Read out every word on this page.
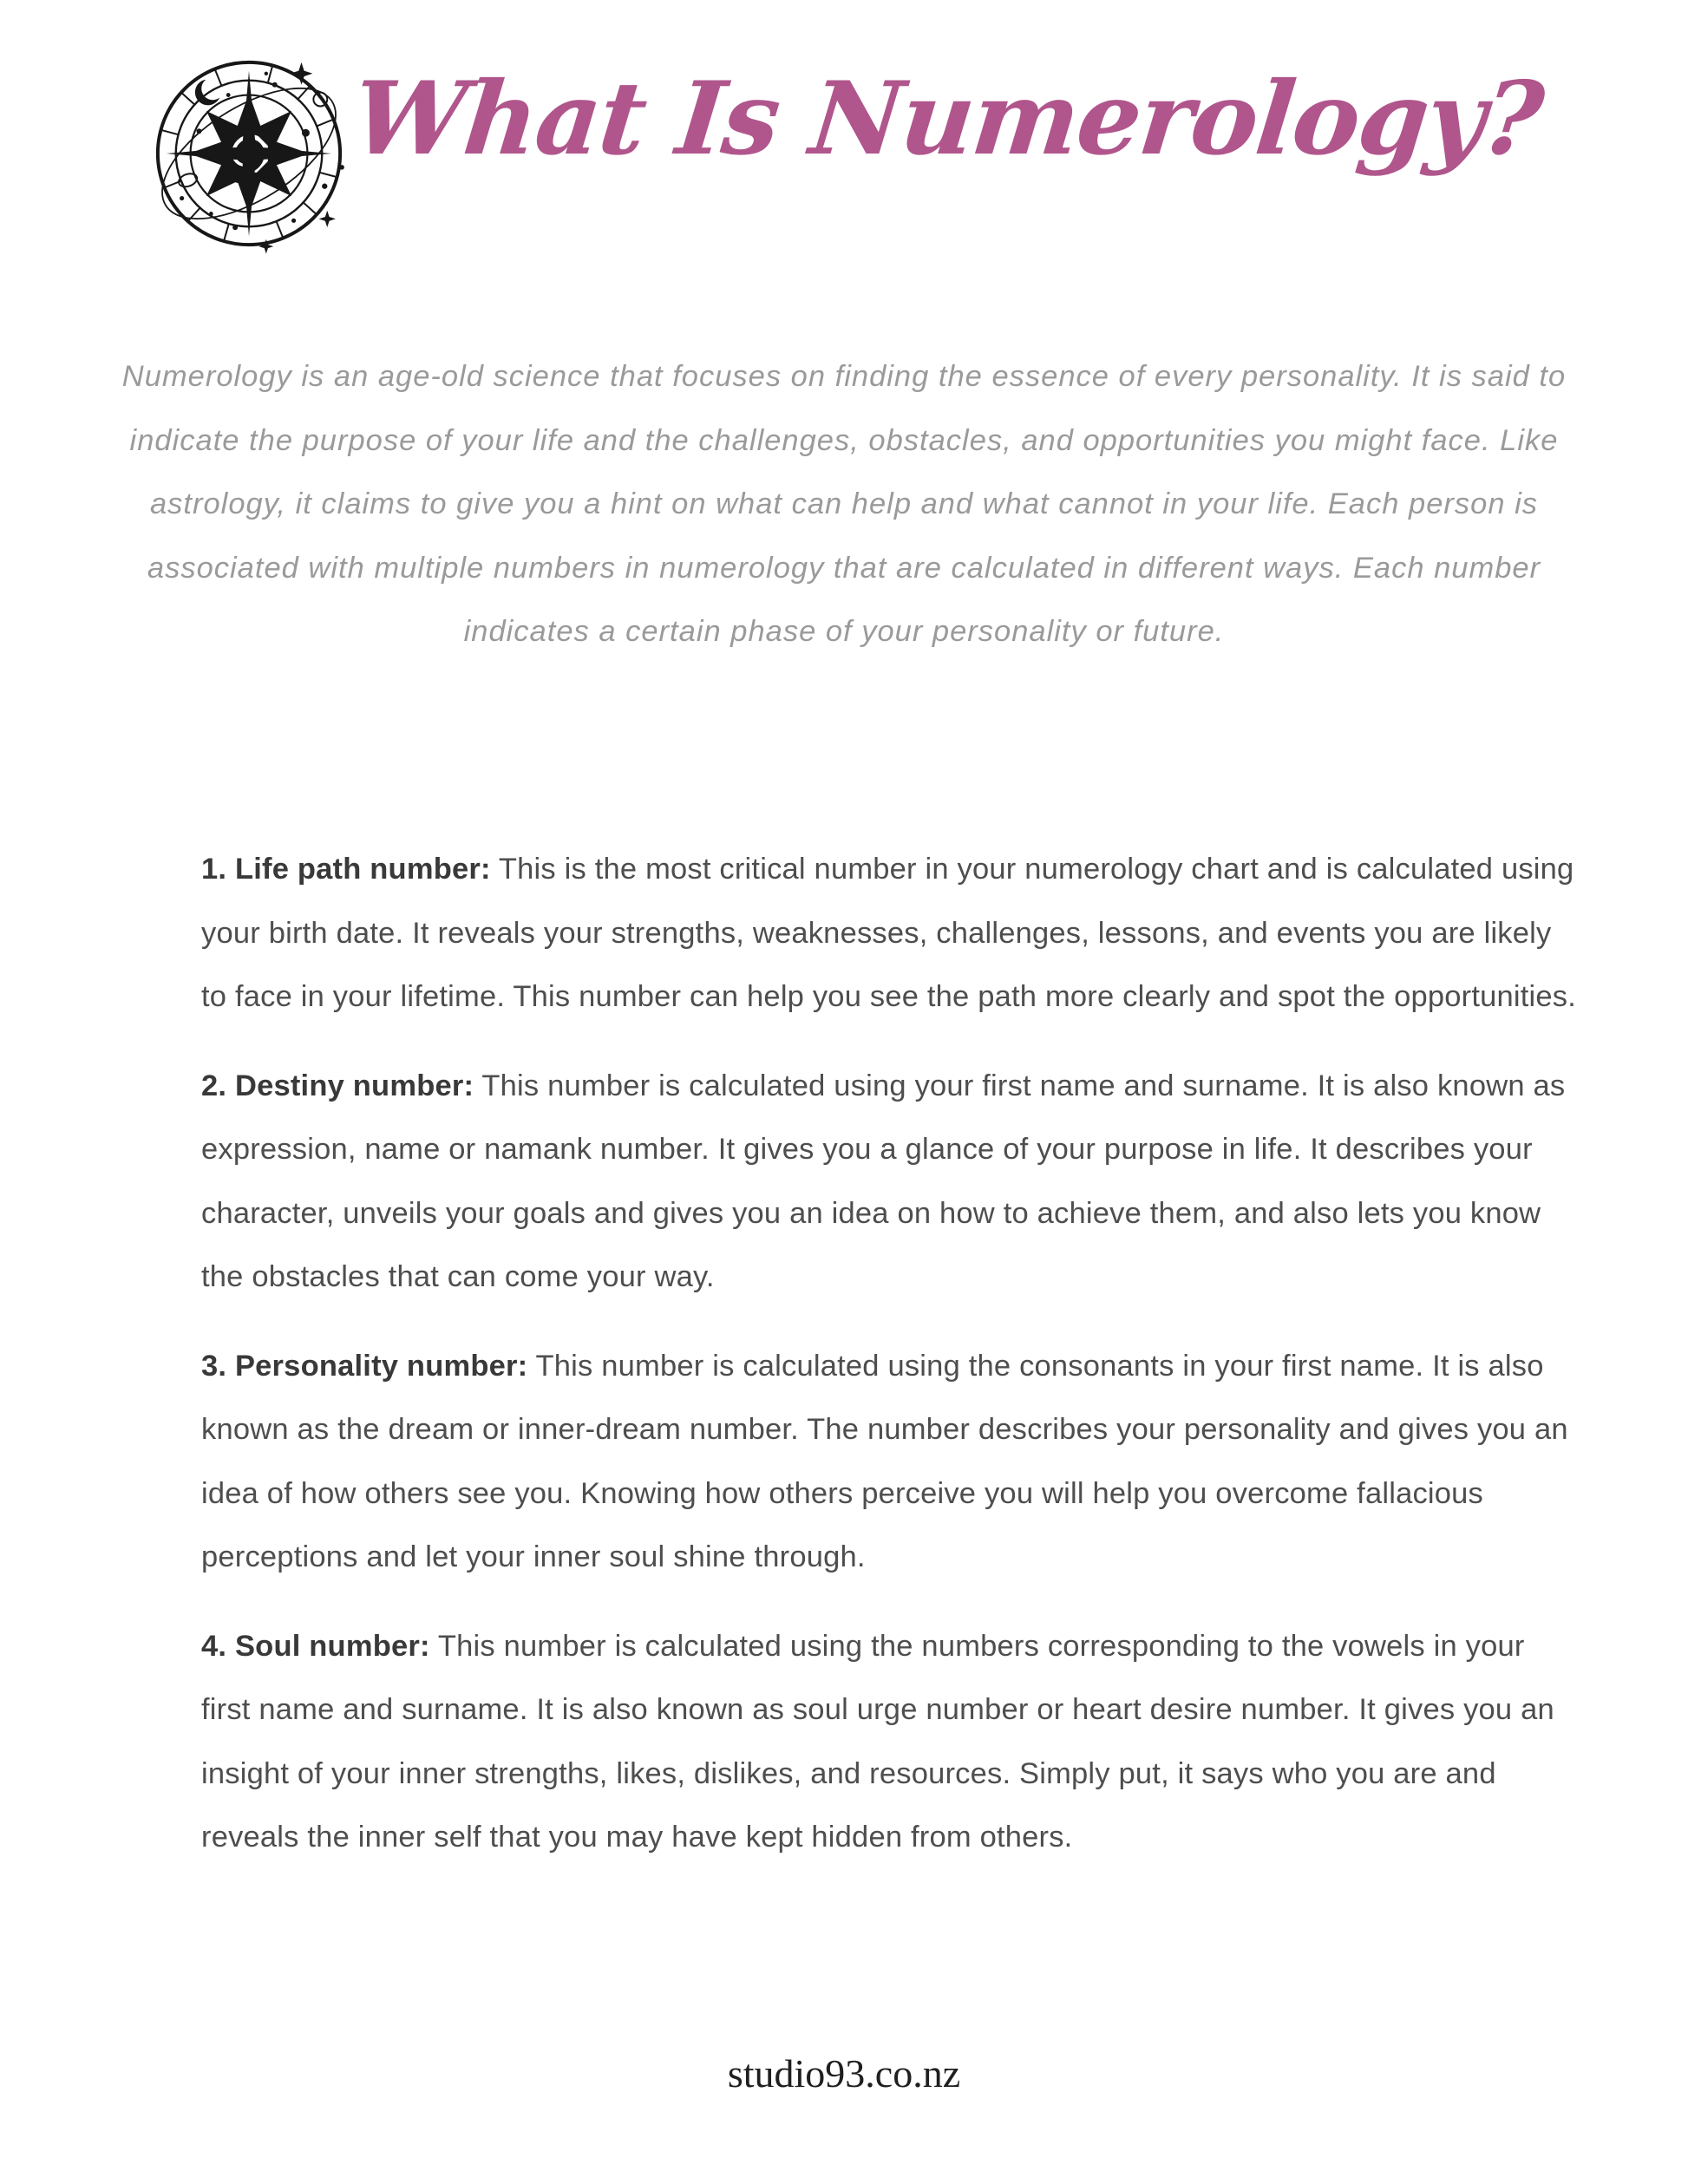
What Is Numerology?
Numerology is an age-old science that focuses on finding the essence of every personality. It is said to indicate the purpose of your life and the challenges, obstacles, and opportunities you might face. Like astrology, it claims to give you a hint on what can help and what cannot in your life. Each person is associated with multiple numbers in numerology that are calculated in different ways. Each number indicates a certain phase of your personality or future.

1. Life path number: This is the most critical number in your numerology chart and is calculated using your birth date. It reveals your strengths, weaknesses, challenges, lessons, and events you are likely to face in your lifetime. This number can help you see the path more clearly and spot the opportunities.

2. Destiny number: This number is calculated using your first name and surname. It is also known as expression, name or namank number. It gives you a glance of your purpose in life. It describes your character, unveils your goals and gives you an idea on how to achieve them, and also lets you know the obstacles that can come your way.

3. Personality number: This number is calculated using the consonants in your first name. It is also known as the dream or inner-dream number. The number describes your personality and gives you an idea of how others see you. Knowing how others perceive you will help you overcome fallacious perceptions and let your inner soul shine through.

4. Soul number: This number is calculated using the numbers corresponding to the vowels in your first name and surname. It is also known as soul urge number or heart desire number. It gives you an insight of your inner strengths, likes, dislikes, and resources. Simply put, it says who you are and reveals the inner self that you may have kept hidden from others.

studio93.co.nz
